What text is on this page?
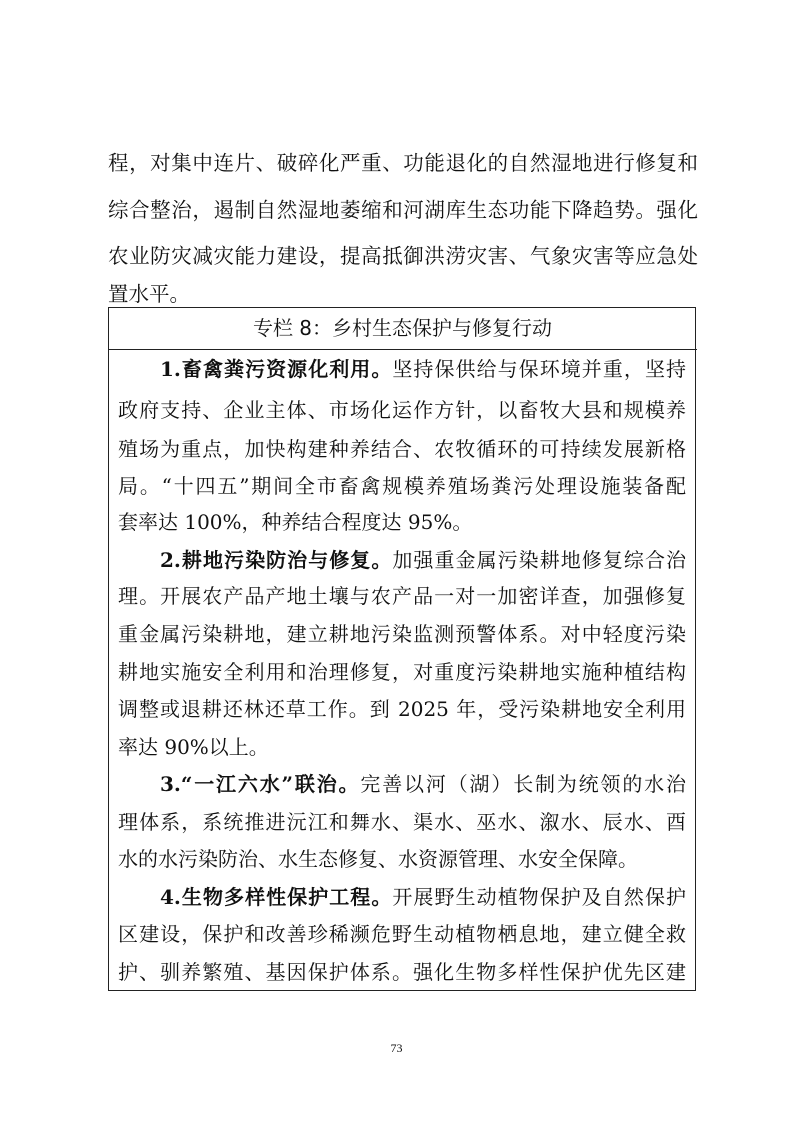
程，对集中连片、破碎化严重、功能退化的自然湿地进行修复和
综合整治，遏制自然湿地萎缩和河湖库生态功能下降趋势。强化
农业防灾减灾能力建设，提高抵御洪涝灾害、气象灾害等应急处
置水平。
专栏 8：乡村生态保护与修复行动
1.畜禽粪污资源化利用。坚持保供给与保环境并重，坚持
政府支持、企业主体、市场化运作方针，以畜牧大县和规模养
殖场为重点，加快构建种养结合、农牧循环的可持续发展新格
局。“十四五”期间全市畜禽规模养殖场粪污处理设施装备配
套率达 100%，种养结合程度达 95%。
2.耕地污染防治与修复。加强重金属污染耕地修复综合治
理。开展农产品产地土壤与农产品一对一加密详查，加强修复
重金属污染耕地，建立耕地污染监测预警体系。对中轻度污染
耕地实施安全利用和治理修复，对重度污染耕地实施种植结构
调整或退耕还林还草工作。到 2025 年，受污染耕地安全利用
率达 90%以上。
3.“一江六水”联治。完善以河（湖）长制为统领的水治
理体系，系统推进沅江和舞水、渠水、巫水、溆水、辰水、酉
水的水污染防治、水生态修复、水资源管理、水安全保障。
4.生物多样性保护工程。开展野生动植物保护及自然保护
区建设，保护和改善珍稀濒危野生动植物栖息地，建立健全救
护、驯养繁殖、基因保护体系。强化生物多样性保护优先区建
73
